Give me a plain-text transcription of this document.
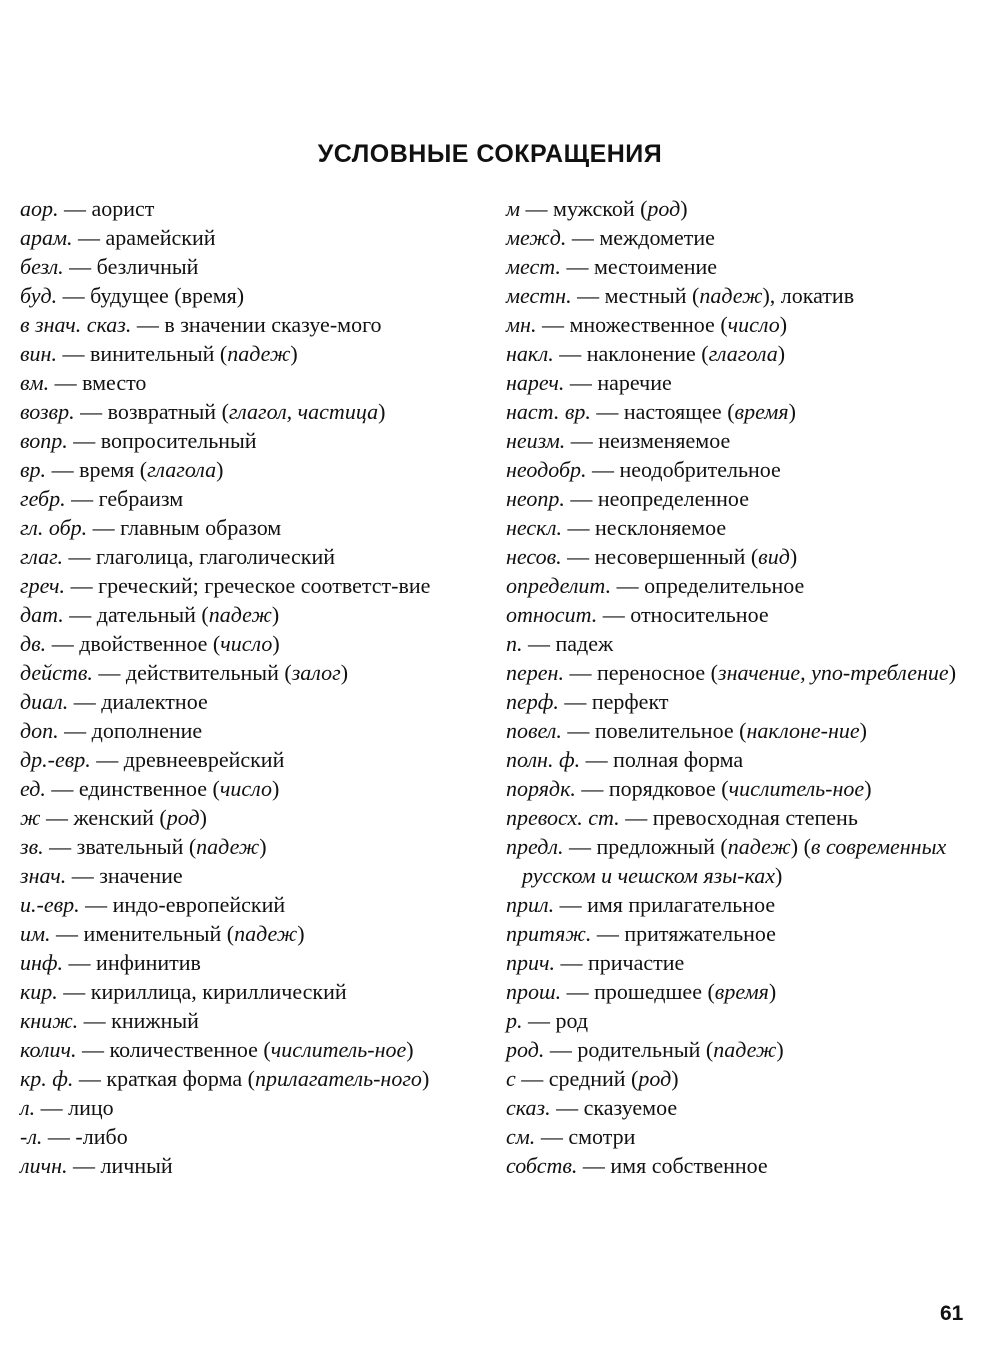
УСЛОВНЫЕ СОКРАЩЕНИЯ
аор. — аорист
арам. — арамейский
безл. — безличный
буд. — будущее (время)
в знач. сказ. — в значении сказуе-мого
вин. — винительный (падеж)
вм. — вместо
возвр. — возвратный (глагол, частица)
вопр. — вопросительный
вр. — время (глагола)
гебр. — гебраизм
гл. обр. — главным образом
глаг. — глаголица, глаголический
греч. — греческий; греческое соответст-вие
дат. — дательный (падеж)
дв. — двойственное (число)
действ. — действительный (залог)
диал. — диалектное
доп. — дополнение
др.-евр. — древнееврейский
ед. — единственное (число)
ж — женский (род)
зв. — звательный (падеж)
знач. — значение
и.-евр. — индо-европейский
им. — именительный (падеж)
инф. — инфинитив
кир. — кириллица, кириллический
книж. — книжный
колич. — количественное (числитель-ное)
кр. ф. — краткая форма (прилагатель-ного)
л. — лицо
-л. — -либо
личн. — личный
м — мужской (род)
межд. — междометие
мест. — местоимение
местн. — местный (падеж), локатив
мн. — множественное (число)
накл. — наклонение (глагола)
нареч. — наречие
наст. вр. — настоящее (время)
неизм. — неизменяемое
неодобр. — неодобрительное
неопр. — неопределенное
нескл. — несклоняемое
несов. — несовершенный (вид)
определит. — определительное
относит. — относительное
п. — падеж
перен. — переносное (значение, упо-требление)
перф. — перфект
повел. — повелительное (наклоне-ние)
полн. ф. — полная форма
порядк. — порядковое (числитель-ное)
превосх. ст. — превосходная степень
предл. — предложный (падеж) (в современных русском и чешском язы-ках)
прил. — имя прилагательное
притяж. — притяжательное
прич. — причастие
прош. — прошедшее (время)
р. — род
род. — родительный (падеж)
с — средний (род)
сказ. — сказуемое
см. — смотри
собств. — имя собственное
61
